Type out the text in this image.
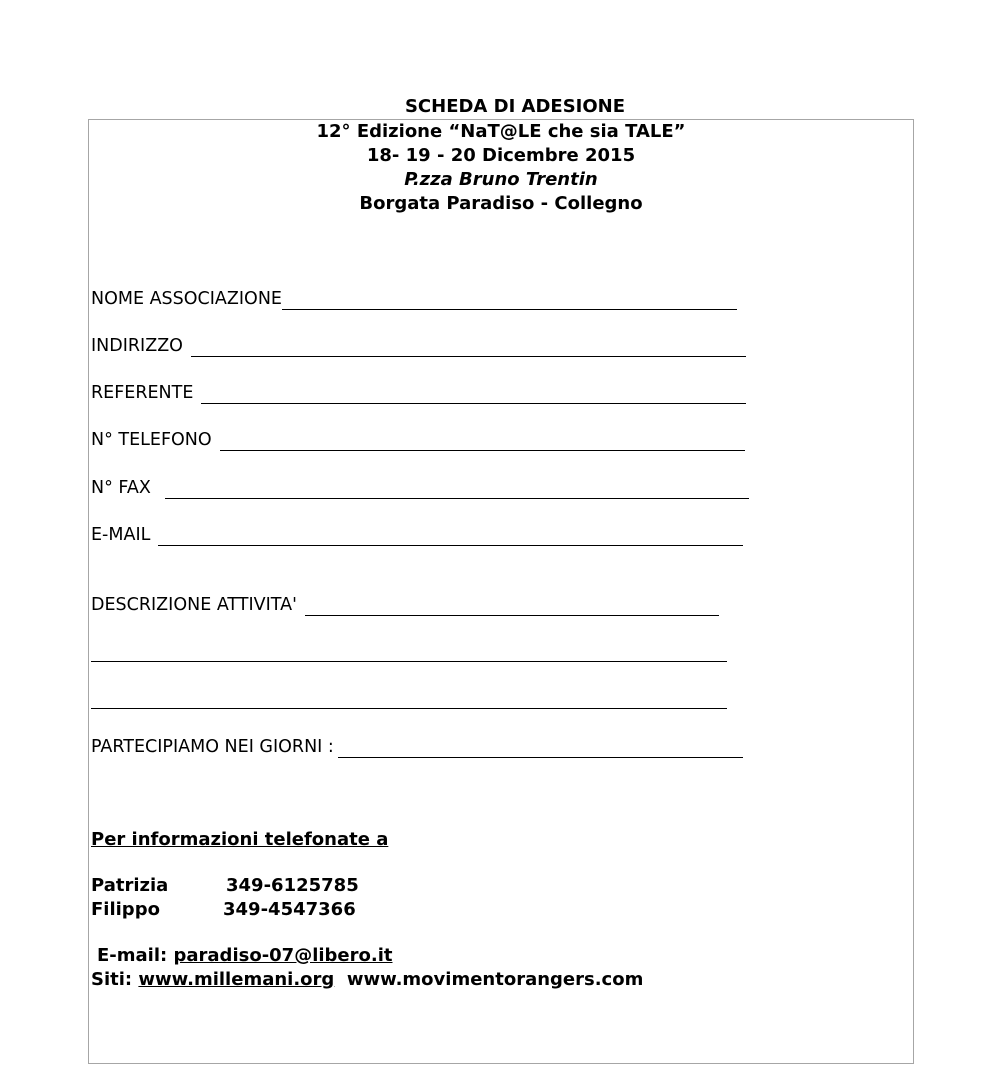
SCHEDA DI ADESIONE
12° Edizione “NaT@LE che sia TALE”
18- 19 - 20 Dicembre 2015
P.zza Bruno Trentin
Borgata Paradiso - Collegno
NOME ASSOCIAZIONE
INDIRIZZO
REFERENTE
N° TELEFONO
N° FAX
E-MAIL
DESCRIZIONE ATTIVITA'
PARTECIPIAMO NEI GIORNI :
Per informazioni telefonate a
Patrizia	349-6125785
Filippo	349-4547366
E-mail: paradiso-07@libero.it
Siti: www.millemani.org www.movimentorangers.com
